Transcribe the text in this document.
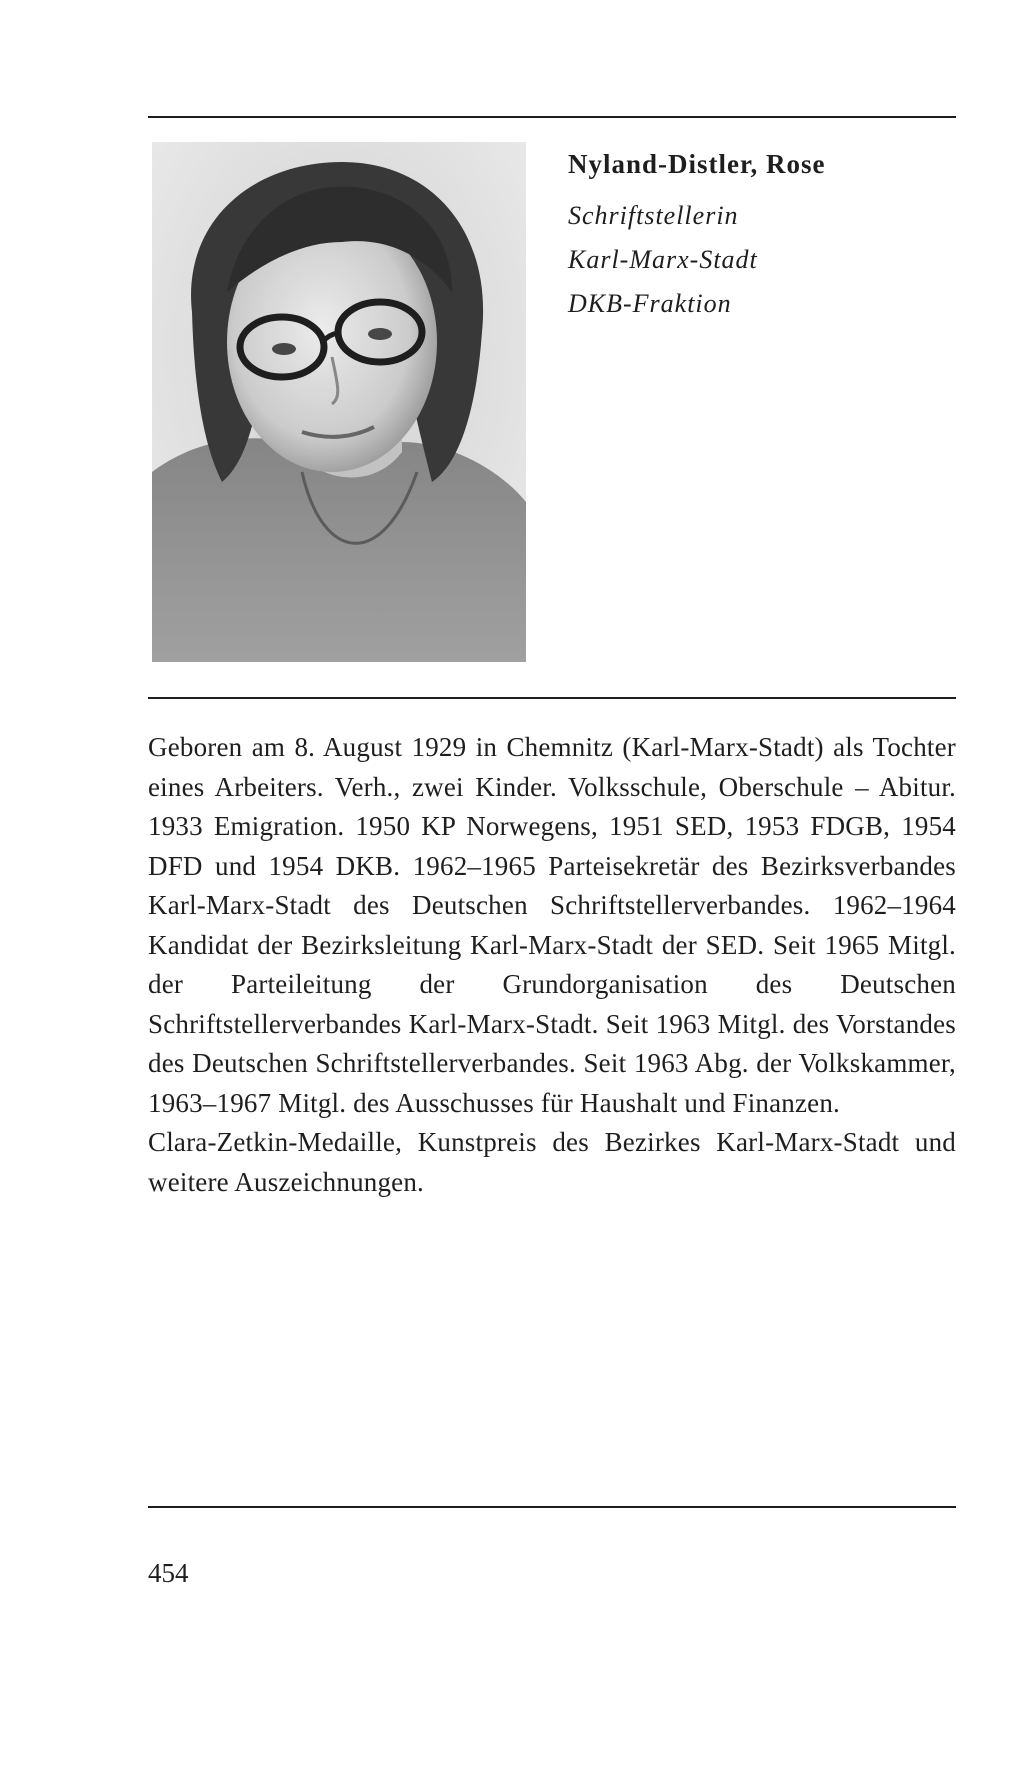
Nyland-Distler, Rose
Schriftstellerin
Karl-Marx-Stadt
DKB-Fraktion

Geboren am 8. August 1929 in Chemnitz (Karl-Marx-Stadt) als Tochter eines Arbeiters. Verh., zwei Kinder. Volksschule, Oberschule – Abitur. 1933 Emigration. 1950 KP Norwegens, 1951 SED, 1953 FDGB, 1954 DFD und 1954 DKB. 1962–1965 Parteisekretär des Bezirksverbandes Karl-Marx-Stadt des Deutschen Schriftstellerverbandes. 1962–1964 Kandidat der Bezirksleitung Karl-Marx-Stadt der SED. Seit 1965 Mitgl. der Parteileitung der Grundorganisation des Deutschen Schriftstellerverbandes Karl-Marx-Stadt. Seit 1963 Mitgl. des Vorstandes des Deutschen Schriftstellerverbandes. Seit 1963 Abg. der Volkskammer, 1963–1967 Mitgl. des Ausschusses für Haushalt und Finanzen.

Clara-Zetkin-Medaille, Kunstpreis des Bezirkes Karl-Marx-Stadt und weitere Auszeichnungen.

454
